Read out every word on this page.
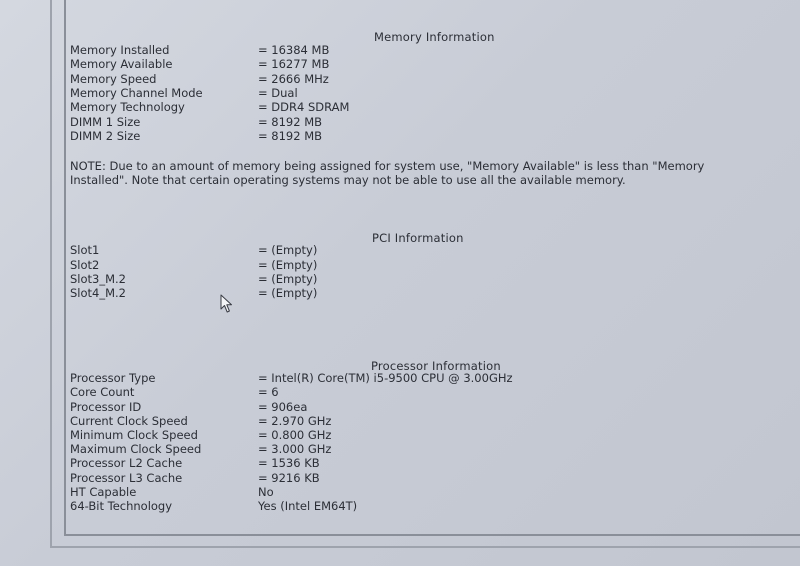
Memory Information
Memory Installed	= 16384 MB
Memory Available	= 16277 MB
Memory Speed	= 2666 MHz
Memory Channel Mode	= Dual
Memory Technology	= DDR4 SDRAM
DIMM 1 Size	= 8192 MB
DIMM 2 Size	= 8192 MB
NOTE: Due to an amount of memory being assigned for system use, "Memory Available" is less than "Memory Installed". Note that certain operating systems may not be able to use all the available memory.
PCI Information
Slot1	= (Empty)
Slot2	= (Empty)
Slot3_M.2	= (Empty)
Slot4_M.2	= (Empty)
Processor Information
Processor Type	= Intel(R) Core(TM) i5-9500 CPU @ 3.00GHz
Core Count	= 6
Processor ID	= 906ea
Current Clock Speed	= 2.970 GHz
Minimum Clock Speed	= 0.800 GHz
Maximum Clock Speed	= 3.000 GHz
Processor L2 Cache	= 1536 KB
Processor L3 Cache	= 9216 KB
HT Capable	No
64-Bit Technology	Yes (Intel EM64T)
